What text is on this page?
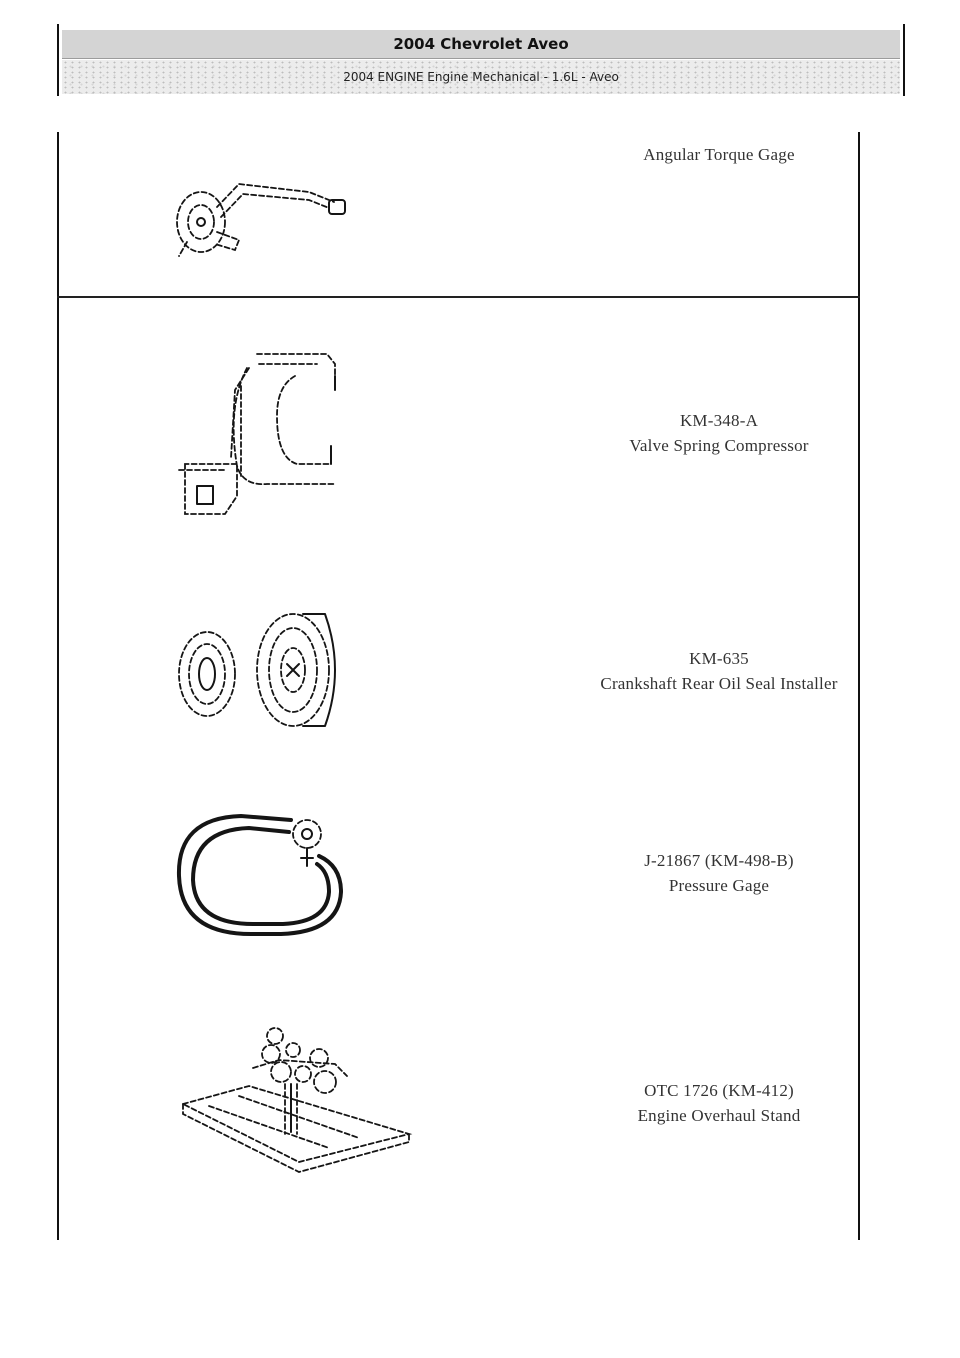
2004 Chevrolet Aveo
2004 ENGINE Engine Mechanical - 1.6L - Aveo
Angular Torque Gage
KM-348-A
Valve Spring Compressor
KM-635
Crankshaft Rear Oil Seal Installer
J-21867 (KM-498-B)
Pressure Gage
OTC 1726 (KM-412)
Engine Overhaul Stand
